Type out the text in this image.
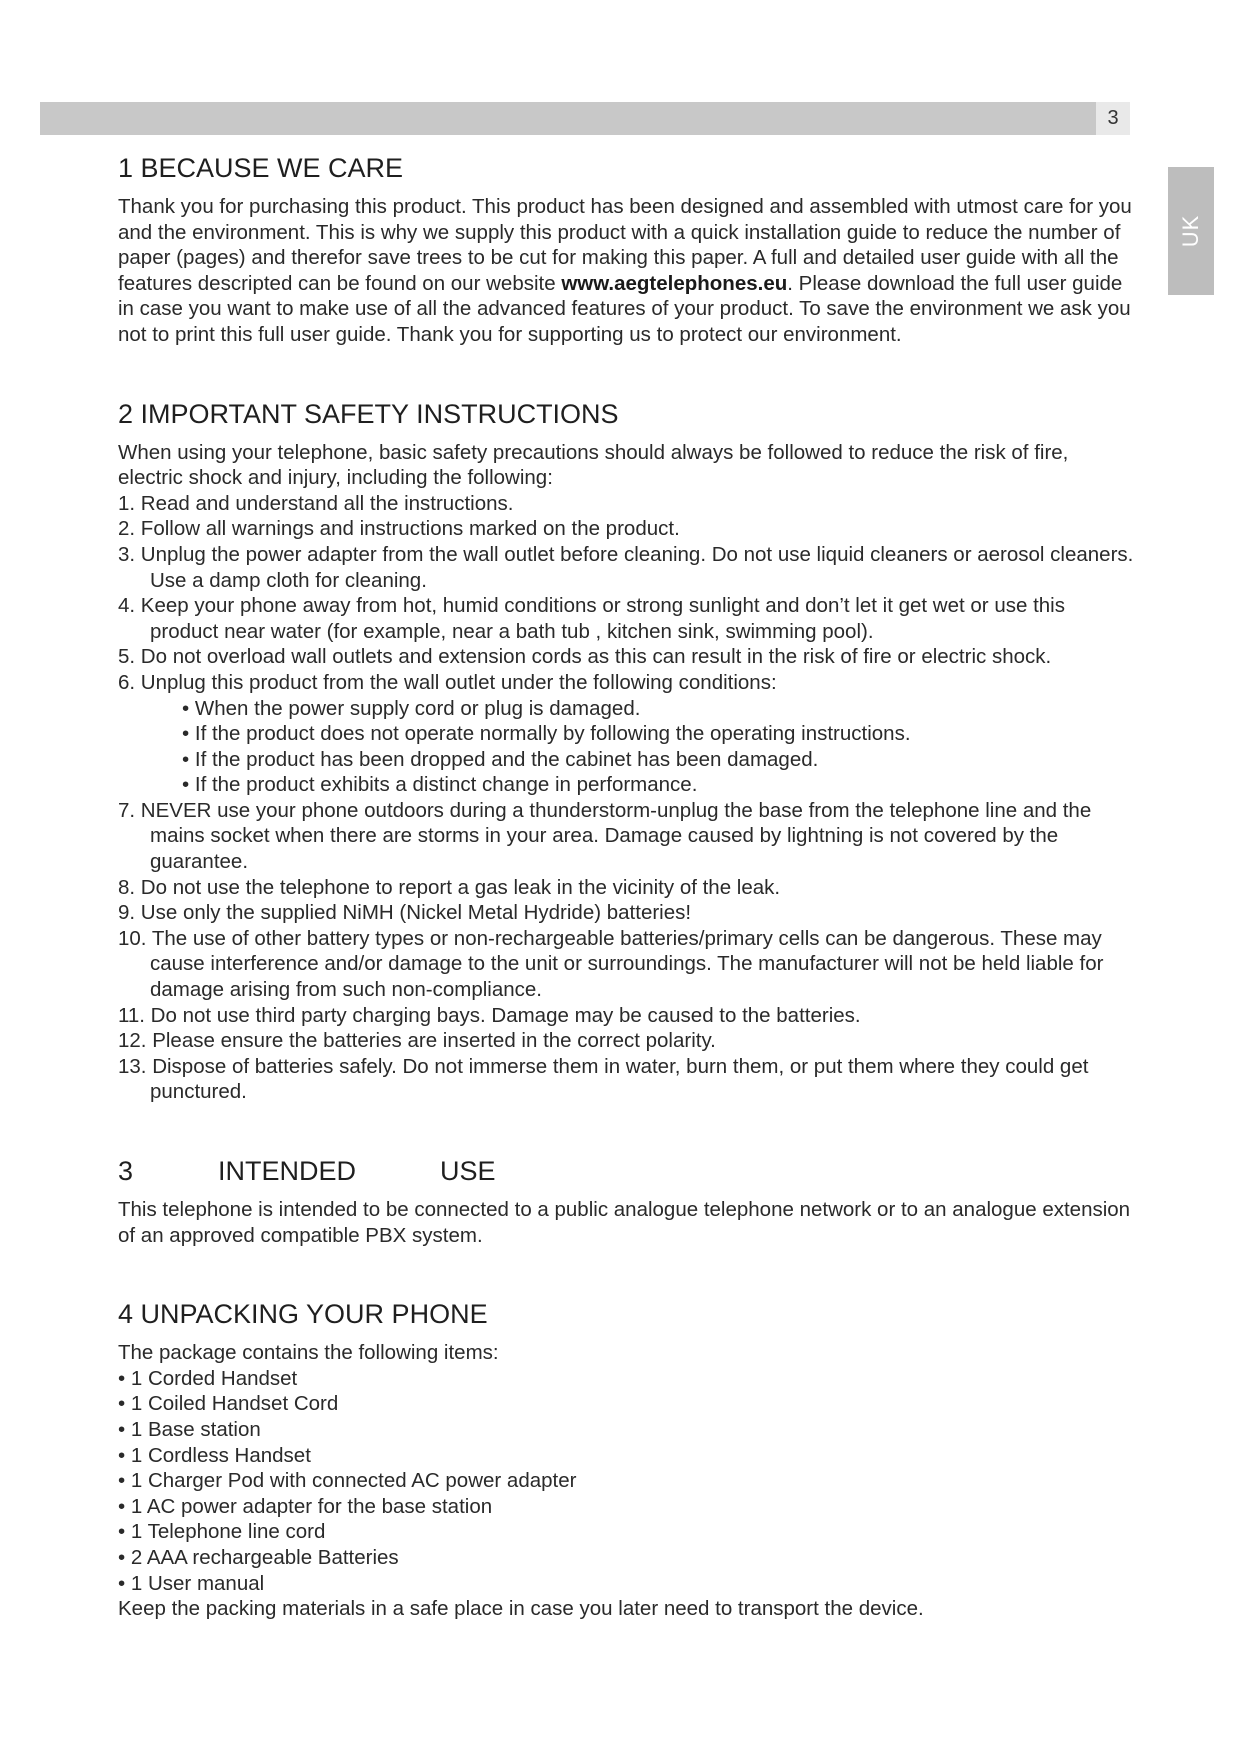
3
UK
1 BECAUSE WE CARE

Thank you for purchasing this product. This product has been designed and assembled with utmost care for you and the environment. This is why we supply this product with a quick installation guide to reduce the number of paper (pages) and therefor save trees to be cut for making this paper. A full and detailed user guide with all the features descripted can be found on our website www.aegtelephones.eu. Please download the full user guide in case you want to make use of all the advanced features of your product. To save the environment we ask you not to print this full user guide. Thank you for supporting us to protect our environment.

2 IMPORTANT SAFETY INSTRUCTIONS

When using your telephone, basic safety precautions should always be followed to reduce the risk of fire, electric shock and injury, including the following:

1. Read and understand all the instructions.
2. Follow all warnings and instructions marked on the product.
3. Unplug the power adapter from the wall outlet before cleaning. Do not use liquid cleaners or aerosol cleaners. Use a damp cloth for cleaning.
4. Keep your phone away from hot, humid conditions or strong sunlight and don’t let it get wet or use this product near water (for example, near a bath tub , kitchen sink, swimming pool).
5. Do not overload wall outlets and extension cords as this can result in the risk of fire or electric shock.
6. Unplug this product from the wall outlet under the following conditions:
• When the power supply cord or plug is damaged.
• If the product does not operate normally by following the operating instructions.
• If the product has been dropped and the cabinet has been damaged.
• If the product exhibits a distinct change in performance.
7. NEVER use your phone outdoors during a thunderstorm-unplug the base from the telephone line and the mains socket when there are storms in your area. Damage caused by lightning is not covered by the guarantee.
8. Do not use the telephone to report a gas leak in the vicinity of the leak.
9. Use only the supplied NiMH (Nickel Metal Hydride) batteries!
10. The use of other battery types or non-rechargeable batteries/primary cells can be dangerous. These may cause interference and/or damage to the unit or surroundings. The manufacturer will not be held liable for damage arising from such non-compliance.
11. Do not use third party charging bays. Damage may be caused to the batteries.
12. Please ensure the batteries are inserted in the correct polarity.
13. Dispose of batteries safely. Do not immerse them in water, burn them, or put them where they could get punctured.
3	INTENDED	USE

This telephone is intended to be connected to a public analogue telephone network or to an analogue extension of an approved compatible PBX system.

4 UNPACKING YOUR PHONE

The package contains the following items:

• 1 Corded Handset
• 1 Coiled Handset Cord
• 1 Base station
• 1 Cordless Handset
• 1 Charger Pod with connected AC power adapter
• 1 AC power adapter for the base station
• 1 Telephone line cord
• 2 AAA rechargeable Batteries
• 1 User manual

Keep the packing materials in a safe place in case you later need to transport the device.
